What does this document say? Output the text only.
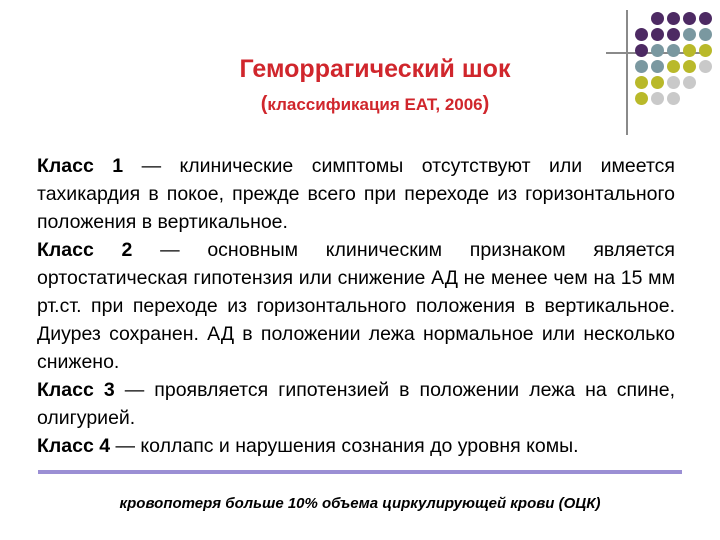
Геморрагический шок
(классификация EAT, 2006)

Класс 1 — клинические симптомы отсутствуют или имеется тахикардия в покое, прежде всего при переходе из горизонтального положения в вертикальное.

Класс 2 — основным клиническим признаком является ортостатическая гипотензия или снижение АД не менее чем на 15 мм рт.ст. при переходе из горизонтального положения в вертикальное. Диурез сохранен. АД в положении лежа нормальное или несколько снижено.

Класс 3 — проявляется гипотензией в положении лежа на спине, олигурией.

Класс 4 — коллапс и нарушения сознания до уровня комы.

кровопотеря больше 10% объема циркулирующей крови (ОЦК)
